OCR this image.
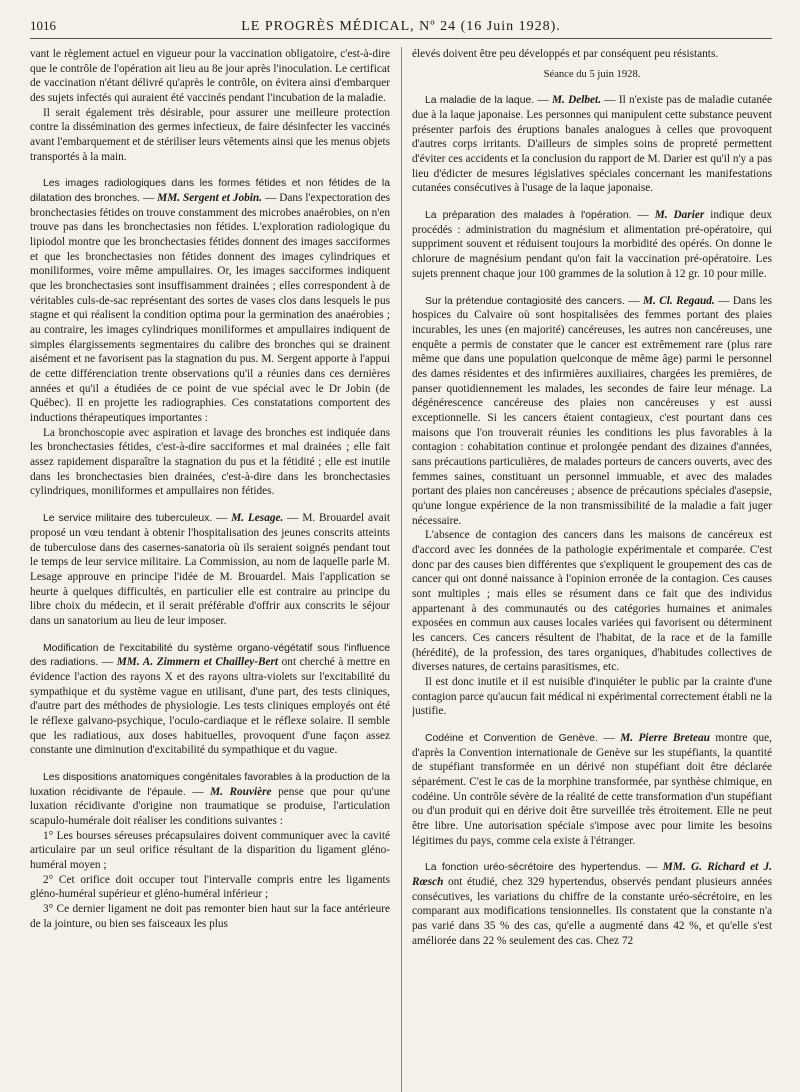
1016	LE PROGRÈS MÉDICAL, Nº 24 (16 Juin 1928).

vant le règlement actuel en vigueur pour la vaccination obligatoire, c'est-à-dire que le contrôle de l'opération ait lieu au 8e jour après l'inoculation. Le certificat de vaccination n'étant délivré qu'après le contrôle, on évitera ainsi d'embarquer des sujets infectés qui auraient été vaccinés pendant l'incubation de la maladie.

Il serait également très désirable, pour assurer une meilleure protection contre la dissémination des germes infectieux, de faire désinfecter les vaccinés avant l'embarquement et de stériliser leurs vêtements ainsi que les menus objets transportés à la main.

Les images radiologiques dans les formes fétides et non fétides de la dilatation des bronches. — MM. Sergent et Jobin. — Dans l'expectoration des bronchectasies fétides on trouve constamment des microbes anaérobies, on n'en trouve pas dans les bronchectasies non fétides. L'exploration radiologique du lipiodol montre que les bronchectasies fétides donnent des images sacciformes et que les bronchectasies non fétides donnent des images cylindriques et moniliformes, voire même ampullaires. Or, les images sacciformes indiquent que les bronchectasies sont insuffisamment drainées ; elles correspondent à de véritables culs-de-sac représentant des sortes de vases clos dans lesquels le pus stagne et qui réalisent la condition optima pour la germination des anaérobies ; au contraire, les images cylindriques moniliformes et ampullaires indiquent de simples élargissements segmentaires du calibre des bronches qui se drainent aisément et ne favorisent pas la stagnation du pus. M. Sergent apporte à l'appui de cette différenciation trente observations qu'il a réunies dans ces dernières années et qu'il a étudiées de ce point de vue spécial avec le Dr Jobin (de Québec). Il en projette les radiographies. Ces constatations comportent des inductions thérapeutiques importantes :

La bronchoscopie avec aspiration et lavage des bronches est indiquée dans les bronchectasies fétides, c'est-à-dire sacciformes et mal drainées ; elle fait assez rapidement disparaître la stagnation du pus et la fétidité ; elle est inutile dans les bronchectasies bien drainées, c'est-à-dire dans les bronchectasies cylindriques, moniliformes et ampullaires non fétides.

Le service militaire des tuberculeux. — M. Lesage. — M. Brouardel avait proposé un vœu tendant à obtenir l'hospitalisation des jeunes conscrits atteints de tuberculose dans des casernes-sanatoria où ils seraient soignés pendant tout le temps de leur service militaire. La Commission, au nom de laquelle parle M. Lesage approuve en principe l'idée de M. Brouardel. Mais l'application se heurte à quelques difficultés, en particulier elle est contraire au principe du libre choix du médecin, et il serait préférable d'offrir aux conscrits le séjour dans un sanatorium au lieu de leur imposer.

Modification de l'excitabilité du système organo-végétatif sous l'influence des radiations. — MM. A. Zimmern et Chailley-Bert ont cherché à mettre en évidence l'action des rayons X et des rayons ultra-violets sur l'excitabilité du sympathique et du système vague en utilisant, d'une part, des tests cliniques, d'autre part des méthodes de physiologie. Les tests cliniques employés ont été le réflexe galvano-psychique, l'oculo-cardiaque et le réflexe solaire. Il semble que les radiatious, aux doses habituelles, provoquent d'une façon assez constante une diminution d'excitabilité du sympathique et du vague.

Les dispositions anatomiques congénitales favorables à la production de la luxation récidivante de l'épaule. — M. Rouvière pense que pour qu'une luxation récidivante d'origine non traumatique se produise, l'articulation scapulo-humérale doit réaliser les conditions suivantes :

1° Les bourses séreuses précapsulaires doivent communiquer avec la cavité articulaire par un seul orifice résultant de la disparition du ligament gléno-huméral moyen ;

2° Cet orifice doit occuper tout l'intervalle compris entre les ligaments gléno-huméral supérieur et gléno-huméral inférieur ;

3° Ce dernier ligament ne doit pas remonter bien haut sur la face antérieure de la jointure, ou bien ses faisceaux les plus

élevés doivent être peu développés et par conséquent peu résistants.

Séance du 5 juin 1928.

La maladie de la laque. — M. Delbet. — Il n'existe pas de maladie cutanée due à la laque japonaise. Les personnes qui manipulent cette substance peuvent présenter parfois des éruptions banales analogues à celles que provoquent d'autres corps irritants. D'ailleurs de simples soins de propreté permettent d'éviter ces accidents et la conclusion du rapport de M. Darier est qu'il n'y a pas lieu d'édicter de mesures législatives spéciales concernant les manifestations cutanées consécutives à l'usage de la laque japonaise.

La préparation des malades à l'opération. — M. Darier indique deux procédés : administration du magnésium et alimentation pré-opératoire, qui suppriment souvent et réduisent toujours la morbidité des opérés. On donne le chlorure de magnésium pendant qu'on fait la vaccination pré-opératoire. Les sujets prennent chaque jour 100 grammes de la solution à 12 gr. 10 pour mille.

Sur la prétendue contagiosité des cancers. — M. Cl. Regaud. — Dans les hospices du Calvaire où sont hospitalisées des femmes portant des plaies incurables, les unes (en majorité) cancéreuses, les autres non cancéreuses, une enquête a permis de constater que le cancer est extrêmement rare (plus rare même que dans une population quelconque de même âge) parmi le personnel des dames résidentes et des infirmières auxiliaires, chargées les premières, de panser quotidiennement les malades, les secondes de faire leur ménage. La dégénérescence cancéreuse des plaies non cancéreuses y est aussi exceptionnelle. Si les cancers étaient contagieux, c'est pourtant dans ces maisons que l'on trouverait réunies les conditions les plus favorables à la contagion : cohabitation continue et prolongée pendant des dizaines d'années, sans précautions particulières, de malades porteurs de cancers ouverts, avec des femmes saines, constituant un personnel immuable, et avec des malades portant des plaies non cancéreuses ; absence de précautions spéciales d'asepsie, qu'une longue expérience de la non transmissibilité de la maladie a fait juger nécessaire.

L'absence de contagion des cancers dans les maisons de cancéreux est d'accord avec les données de la pathologie expérimentale et comparée. C'est donc par des causes bien différentes que s'expliquent le groupement des cas de cancer qui ont donné naissance à l'opinion erronée de la contagion. Ces causes sont multiples ; mais elles se résument dans ce fait que des individus appartenant à des communautés ou des catégories humaines et animales exposées en commun aux causes locales variées qui favorisent ou déterminent les cancers. Ces cancers résultent de l'habitat, de la race et de la famille (hérédité), de la profession, des tares organiques, d'habitudes collectives de diverses natures, de certains parasitismes, etc.

Il est donc inutile et il est nuisible d'inquiéter le public par la crainte d'une contagion parce qu'aucun fait médical ni expérimental correctement établi ne la justifie.

Codéine et Convention de Genève. — M. Pierre Breteau montre que, d'après la Convention internationale de Genève sur les stupéfiants, la quantité de stupéfiant transformée en un dérivé non stupéfiant doit être déclarée séparément. C'est le cas de la morphine transformée, par synthèse chimique, en codéine. Un contrôle sévère de la réalité de cette transformation d'un stupéfiant ou d'un produit qui en dérive doit être surveillée très étroitement. Elle ne peut être libre. Une autorisation spéciale s'impose avec pour limite les besoins légitimes du pays, comme cela existe à l'étranger.

La fonction uréo-sécrétoire des hypertendus. — MM. G. Richard et J. Rœsch ont étudié, chez 329 hypertendus, observés pendant plusieurs années consécutives, les variations du chiffre de la constante uréo-sécrétoire, en les comparant aux modifications tensionnelles. Ils constatent que la constante n'a pas varié dans 35 % des cas, qu'elle a augmenté dans 42 %, et qu'elle s'est améliorée dans 22 % seulement des cas. Chez 72
